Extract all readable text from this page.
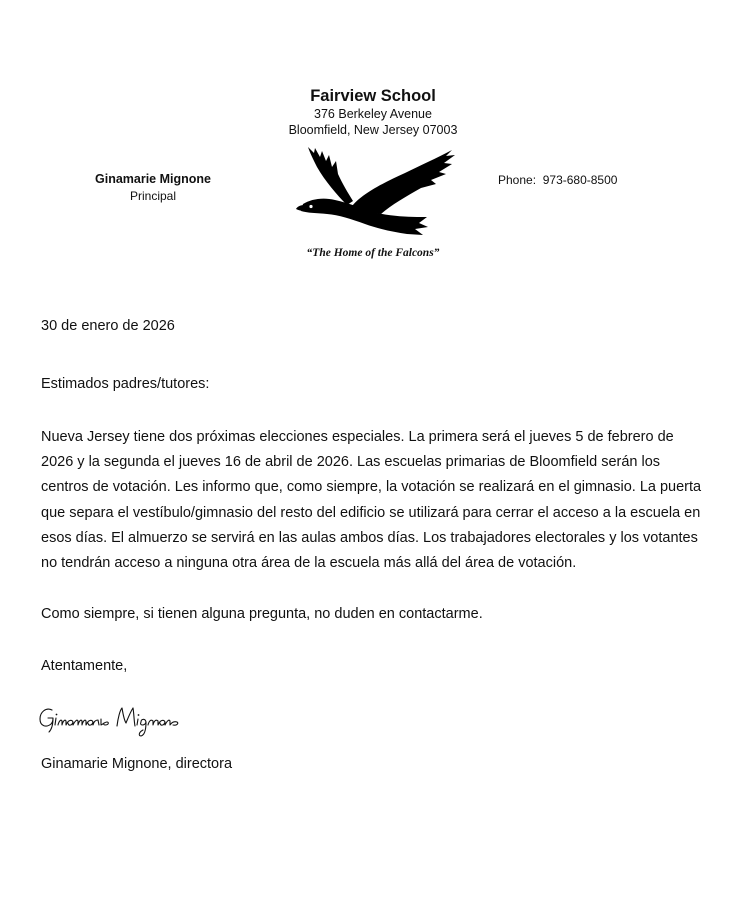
Fairview School
376 Berkeley Avenue
Bloomfield, New Jersey 07003
Ginamarie Mignone
Principal
Phone: 973-680-8500
“The Home of the Falcons”
30 de enero de 2026
Estimados padres/tutores:
Nueva Jersey tiene dos próximas elecciones especiales. La primera será el jueves 5 de febrero de 2026 y la segunda el jueves 16 de abril de 2026. Las escuelas primarias de Bloomfield serán los centros de votación. Les informo que, como siempre, la votación se realizará en el gimnasio. La puerta que separa el vestíbulo/gimnasio del resto del edificio se utilizará para cerrar el acceso a la escuela en esos días. El almuerzo se servirá en las aulas ambos días. Los trabajadores electorales y los votantes no tendrán acceso a ninguna otra área de la escuela más allá del área de votación.
Como siempre, si tienen alguna pregunta, no duden en contactarme.
Atentamente,
Ginamarie Mignone, directora
